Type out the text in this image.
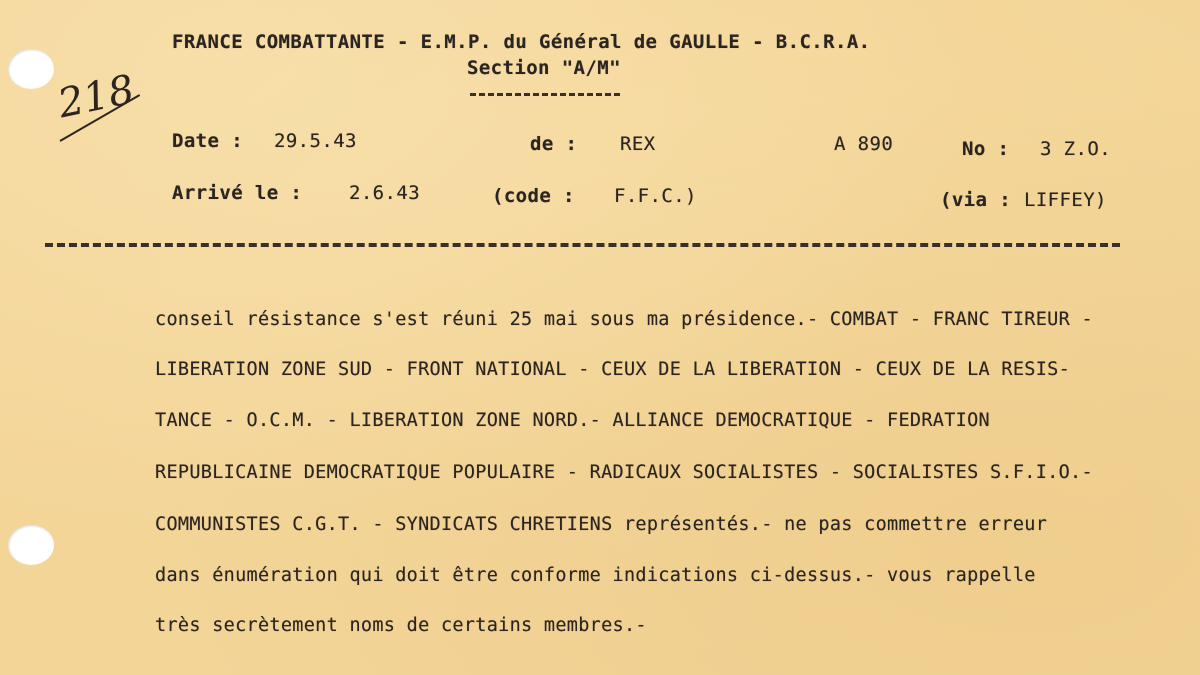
218
FRANCE COMBATTANTE - E.M.P. du Général de GAULLE - B.C.R.A.
Section "A/M"
Date : 29.5.43	de : REX	A 890	No : 3 Z.O.
Arrivé le : 2.6.43	(code : F.F.C.)	(via : LIFFEY)
conseil résistance s'est réuni 25 mai sous ma présidence.- COMBAT - FRANC TIREUR -
LIBERATION ZONE SUD - FRONT NATIONAL - CEUX DE LA LIBERATION - CEUX DE LA RESIS-
TANCE - O.C.M. - LIBERATION ZONE NORD.- ALLIANCE DEMOCRATIQUE - FEDRATION
REPUBLICAINE DEMOCRATIQUE POPULAIRE - RADICAUX SOCIALISTES - SOCIALISTES S.F.I.O.-
COMMUNISTES C.G.T. - SYNDICATS CHRETIENS représentés.- ne pas commettre erreur
dans énumération qui doit être conforme indications ci-dessus.- vous rappelle
très secrètement noms de certains membres.-
